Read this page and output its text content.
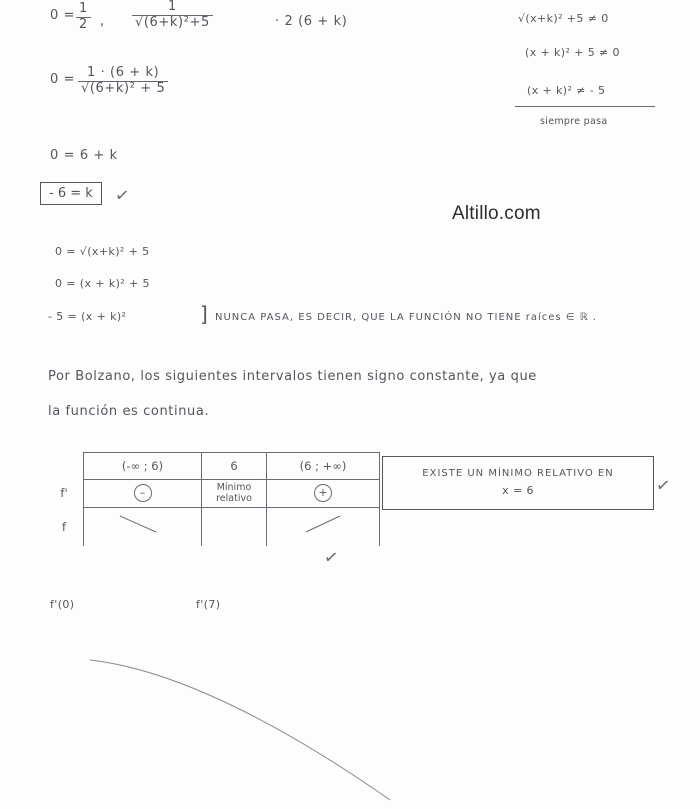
$0 = \frac{1}{2}$ , $\frac{1}{\text{√(6+k)²+5}}$	· 2 (6 + k)
$0 = \frac{1 \cdot (6 + k)}{\text{√(6+k)² + 5}}$
0 = 6 + k
- 6 = k	✓
√(x+k)² +5 ≠ 0
(x + k)² + 5 ≠ 0
(x + k)² ≠ - 5
siempre pasa
Altillo.com
0 = √(x+k)² + 5
0 = (x + k)² + 5
- 5 = (x + k)²	] NUNCA PASA, ES DECIR, QUE LA FUNCIÓN NO TIENE raíces ∈ ℝ .
Por Bolzano, los siguientes intervalos tienen signo constante, ya que
la función es continua.
	(-∞ ; 6)	6	(6 ; +∞)
f'	–	Mínimo relativo	+
f			
✓
f'(0)	f'(7)
EXISTE UN MÍNIMO RELATIVO EN
x = 6	✓
